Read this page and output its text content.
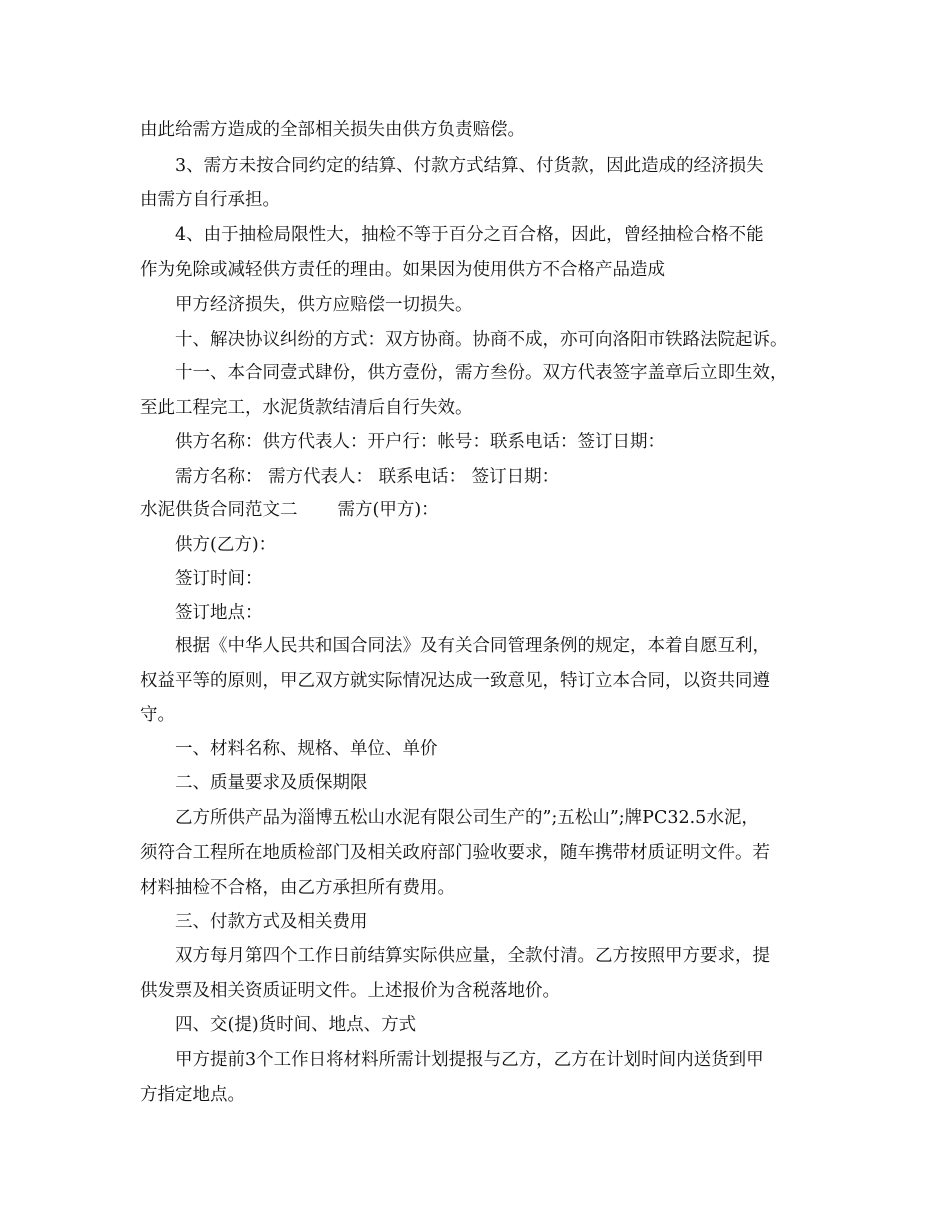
由此给需方造成的全部相关损失由供方负责赔偿。
3、需方未按合同约定的结算、付款方式结算、付货款，因此造成的经济损失
由需方自行承担。
4、由于抽检局限性大，抽检不等于百分之百合格，因此，曾经抽检合格不能
作为免除或减轻供方责任的理由。如果因为使用供方不合格产品造成
甲方经济损失，供方应赔偿一切损失。
十、解决协议纠纷的方式：双方协商。协商不成，亦可向洛阳市铁路法院起诉。
十一、本合同壹式肆份，供方壹份，需方叁份。双方代表签字盖章后立即生效，
至此工程完工，水泥货款结清后自行失效。
供方名称：供方代表人：开户行：帐号：联系电话：签订日期：
需方名称： 需方代表人： 联系电话： 签订日期：
水泥供货合同范文二 需方(甲方)：
供方(乙方)：
签订时间：
签订地点：
根据《中华人民共和国合同法》及有关合同管理条例的规定，本着自愿互利，
权益平等的原则，甲乙双方就实际情况达成一致意见，特订立本合同，以资共同遵
守。
一、材料名称、规格、单位、单价
二、质量要求及质保期限
乙方所供产品为淄博五松山水泥有限公司生产的”;五松山”;牌PC32.5水泥，
须符合工程所在地质检部门及相关政府部门验收要求，随车携带材质证明文件。若
材料抽检不合格，由乙方承担所有费用。
三、付款方式及相关费用
双方每月第四个工作日前结算实际供应量，全款付清。乙方按照甲方要求，提
供发票及相关资质证明文件。上述报价为含税落地价。
四、交(提)货时间、地点、方式
甲方提前3个工作日将材料所需计划提报与乙方，乙方在计划时间内送货到甲
方指定地点。
